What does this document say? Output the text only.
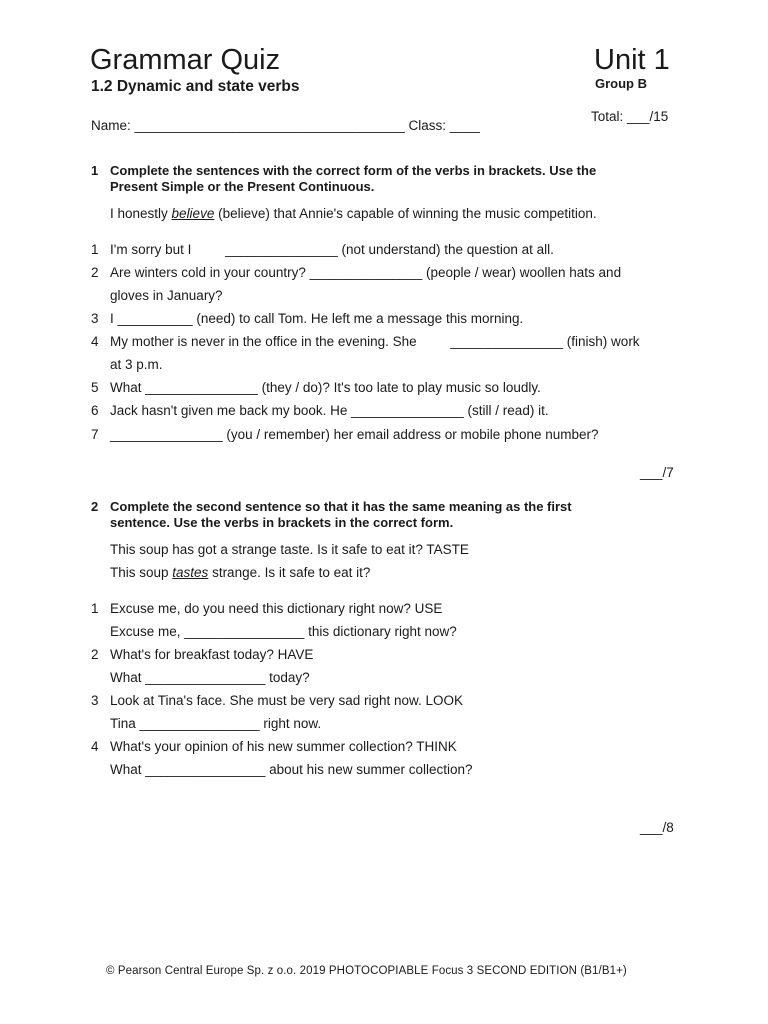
Grammar Quiz	Unit 1
1.2 Dynamic and state verbs	Group B
Total: ___/15
Name: ____________________________________ Class: ____
1 Complete the sentences with the correct form of the verbs in brackets. Use the
Present Simple or the Present Continuous.
I honestly believe (believe) that Annie's capable of winning the music competition.
1 I'm sorry but I         _______________ (not understand) the question at all.
2 Are winters cold in your country? _______________ (people / wear) woollen hats and
gloves in January?
3 I __________ (need) to call Tom. He left me a message this morning.
4 My mother is never in the office in the evening. She         _______________ (finish) work
at 3 p.m.
5 What _______________ (they / do)? It's too late to play music so loudly.
6 Jack hasn't given me back my book. He _______________ (still / read) it.
7 _______________ (you / remember) her email address or mobile phone number?
___/7
2 Complete the second sentence so that it has the same meaning as the first
sentence. Use the verbs in brackets in the correct form.
This soup has got a strange taste. Is it safe to eat it? TASTE
This soup tastes strange. Is it safe to eat it?
1 Excuse me, do you need this dictionary right now? USE
Excuse me, ________________ this dictionary right now?
2 What's for breakfast today? HAVE
What ________________ today?
3 Look at Tina's face. She must be very sad right now. LOOK
Tina ________________ right now.
4 What's your opinion of his new summer collection? THINK
What ________________ about his new summer collection?
___/8
© Pearson Central Europe Sp. z o.o. 2019 PHOTOCOPIABLE Focus 3 SECOND EDITION (B1/B1+)
